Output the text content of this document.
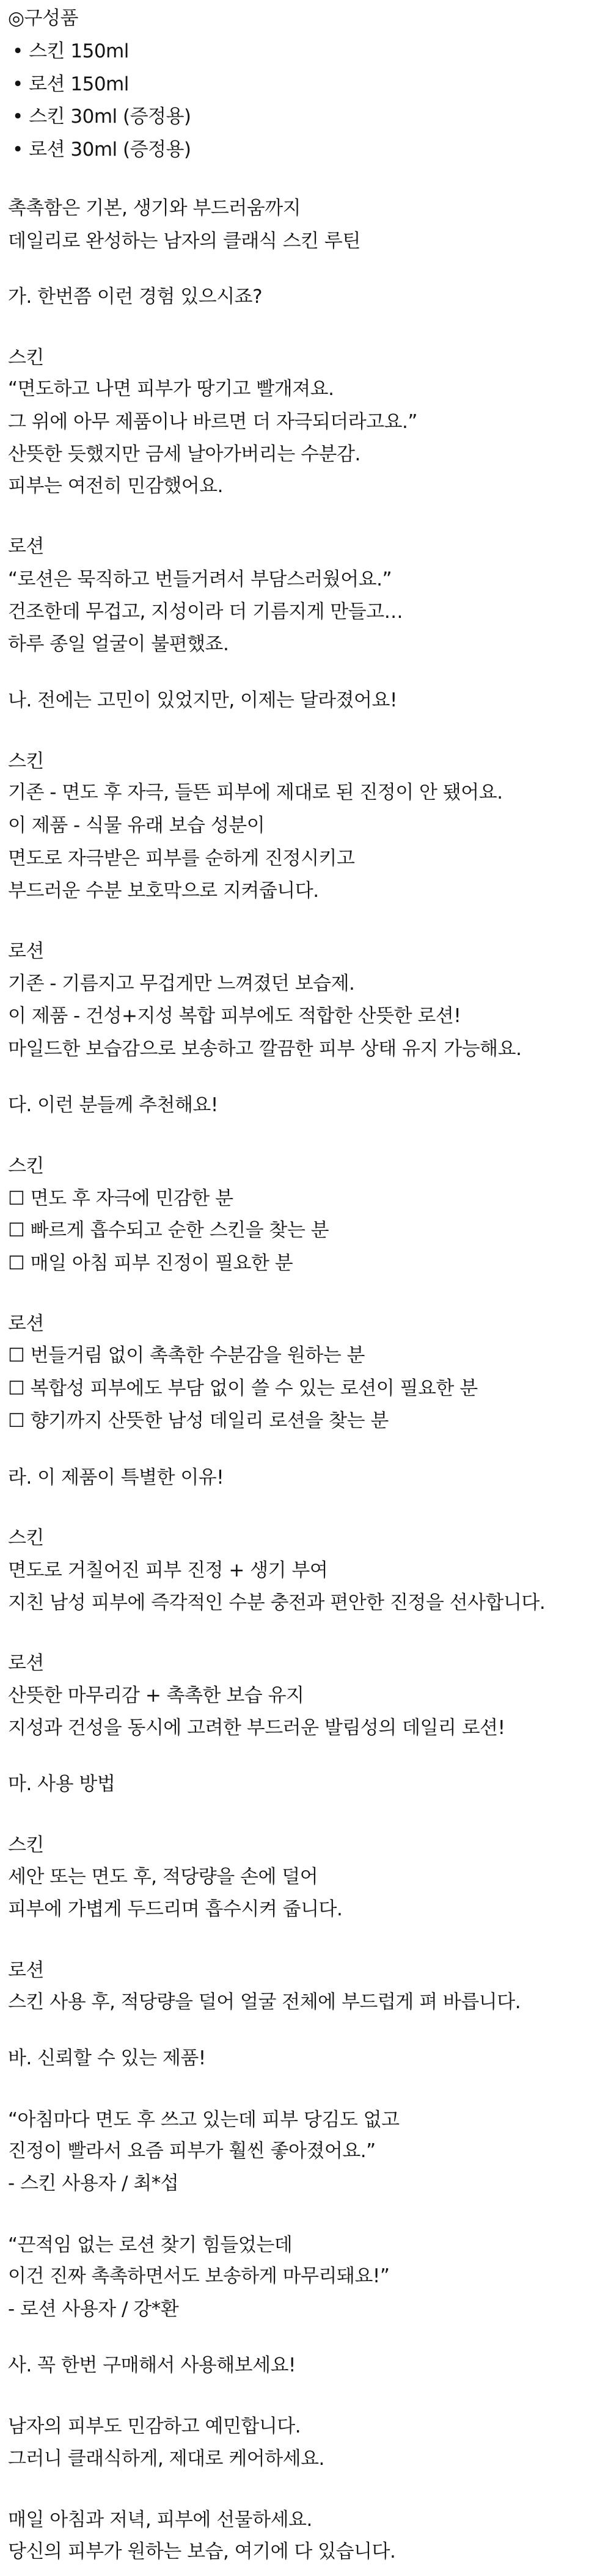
◎구성품
• 스킨 150ml
• 로션 150ml
• 스킨 30ml (증정용)
• 로션 30ml (증정용)
촉촉함은 기본, 생기와 부드러움까지
데일리로 완성하는 남자의 클래식 스킨 루틴
가. 한번쯤 이런 경험 있으시죠?
스킨
“면도하고 나면 피부가 땅기고 빨개져요.
그 위에 아무 제품이나 바르면 더 자극되더라고요.”
산뜻한 듯했지만 금세 날아가버리는 수분감.
피부는 여전히 민감했어요.
로션
“로션은 묵직하고 번들거려서 부담스러웠어요.”
건조한데 무겁고, 지성이라 더 기름지게 만들고…
하루 종일 얼굴이 불편했죠.
나. 전에는 고민이 있었지만, 이제는 달라졌어요!
스킨
기존 - 면도 후 자극, 들뜬 피부에 제대로 된 진정이 안 됐어요.
이 제품 - 식물 유래 보습 성분이
면도로 자극받은 피부를 순하게 진정시키고
부드러운 수분 보호막으로 지켜줍니다.
로션
기존 - 기름지고 무겁게만 느껴졌던 보습제.
이 제품 - 건성+지성 복합 피부에도 적합한 산뜻한 로션!
마일드한 보습감으로 보송하고 깔끔한 피부 상태 유지 가능해요.
다. 이런 분들께 추천해요!
스킨
☐ 면도 후 자극에 민감한 분
☐ 빠르게 흡수되고 순한 스킨을 찾는 분
☐ 매일 아침 피부 진정이 필요한 분
로션
☐ 번들거림 없이 촉촉한 수분감을 원하는 분
☐ 복합성 피부에도 부담 없이 쓸 수 있는 로션이 필요한 분
☐ 향기까지 산뜻한 남성 데일리 로션을 찾는 분
라. 이 제품이 특별한 이유!
스킨
면도로 거칠어진 피부 진정 + 생기 부여
지친 남성 피부에 즉각적인 수분 충전과 편안한 진정을 선사합니다.
로션
산뜻한 마무리감 + 촉촉한 보습 유지
지성과 건성을 동시에 고려한 부드러운 발림성의 데일리 로션!
마. 사용 방법
스킨
세안 또는 면도 후, 적당량을 손에 덜어
피부에 가볍게 두드리며 흡수시켜 줍니다.
로션
스킨 사용 후, 적당량을 덜어 얼굴 전체에 부드럽게 펴 바릅니다.
바. 신뢰할 수 있는 제품!
“아침마다 면도 후 쓰고 있는데 피부 당김도 없고
진정이 빨라서 요즘 피부가 훨씬 좋아졌어요.”
- 스킨 사용자 / 최*섭
“끈적임 없는 로션 찾기 힘들었는데
이건 진짜 촉촉하면서도 보송하게 마무리돼요!”
- 로션 사용자 / 강*환
사. 꼭 한번 구매해서 사용해보세요!
남자의 피부도 민감하고 예민합니다.
그러니 클래식하게, 제대로 케어하세요.
매일 아침과 저녁, 피부에 선물하세요.
당신의 피부가 원하는 보습, 여기에 다 있습니다.
